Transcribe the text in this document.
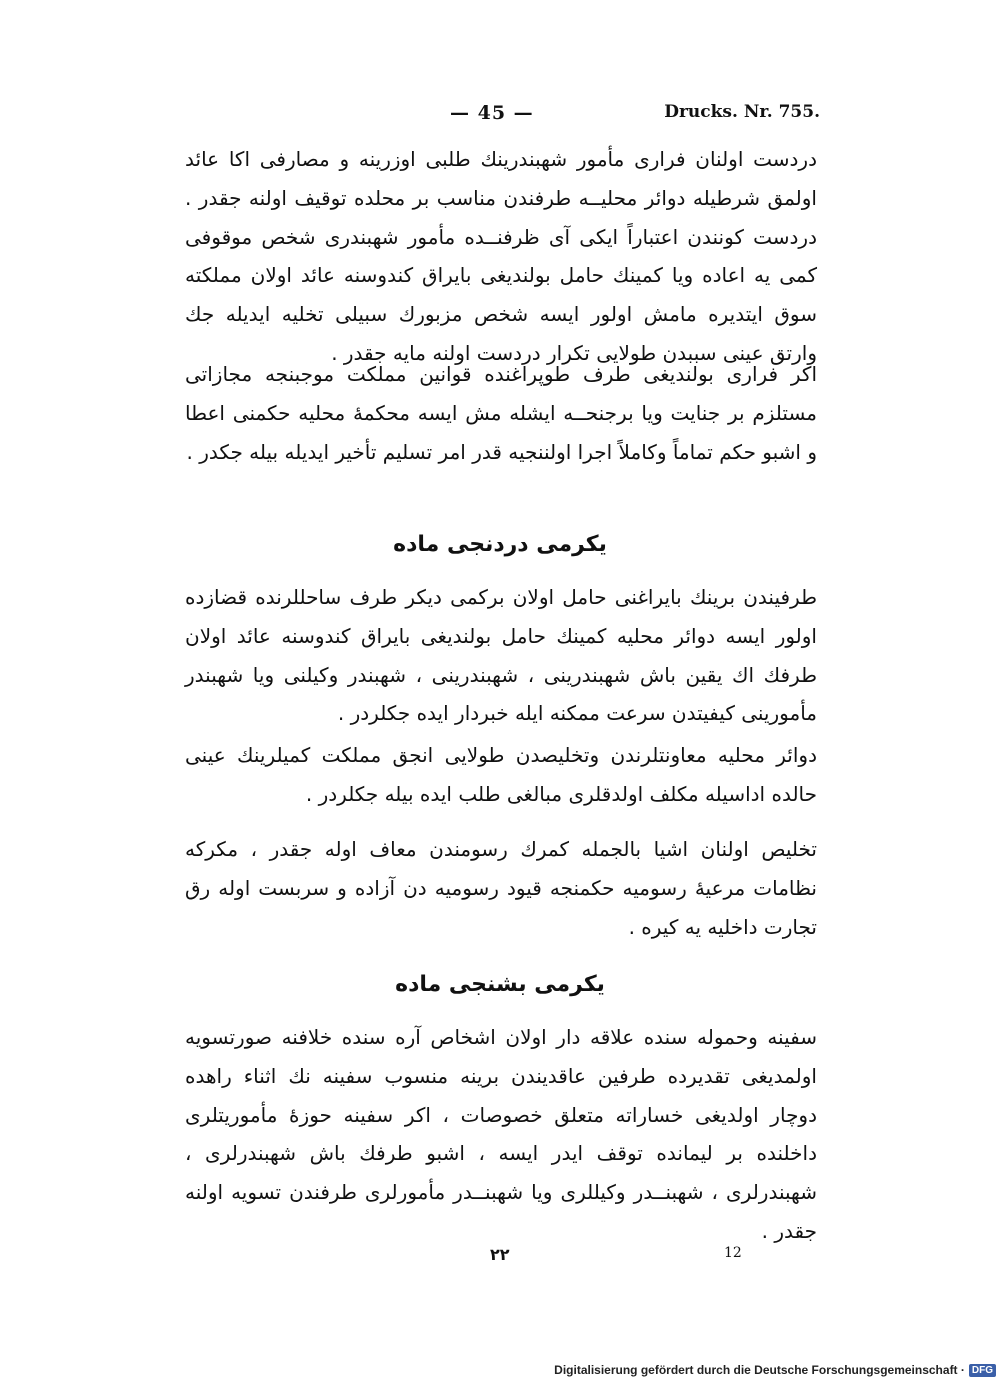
— 45 —	Drucks. Nr. 755.

دردست اولنان فراری مأمور شهبندرینك طلبی اوزرینه و مصارفی اکا عائد اولمق شرطیله دوائر محلیــه طرفندن مناسب بر محلده توقیف اولنه جقدر . دردست کونندن اعتباراً ایکی آی ظرفنــده مأمور شهبندری شخص موقوفی کمی یه اعاده ویا کمینك حامل بولندیغی بایراق کندوسنه عائد اولان مملکته سوق ایتدیره مامش اولور ایسه شخص مزبورك سبیلی تخلیه ایدیله جك وارتق عینی سببدن طولایی تکرار دردست اولنه مایه جقدر .

اکر فراری بولندیغی طرف طوپراغنده قوانین مملکت موجبنجه مجازاتی مستلزم بر جنایت ویا برجنحــه ایشله مش ایسه محکمهٔ محلیه حکمنی اعطا و اشبو حکم تماماً وکاملاً اجرا اولننجیه قدر امر تسلیم تأخیر ایدیله بیله جکدر .

یکرمی دردنجی ماده

طرفیندن برینك بایراغنی حامل اولان برکمی دیکر طرف ساحللرنده قضازده اولور ایسه دوائر محلیه کمینك حامل بولندیغی بایراق کندوسنه عائد اولان طرفك اك یقین باش شهبندرینی ، شهبندرینی ، شهبندر وکیلنی ویا شهبندر مأمورینی کیفیتدن سرعت ممکنه ایله خبردار ایده جکلردر .

دوائر محلیه معاونتلرندن وتخلیصدن طولایی انجق مملکت کمیلرینك عینی حالده اداسیله مکلف اولدقلری مبالغی طلب ایده بیله جکلردر .

تخلیص اولنان اشیا بالجمله کمرك رسومندن معاف اوله جقدر ، مکرکه نظامات مرعیهٔ رسومیه حکمنجه قیود رسومیه دن آزاده و سربست اوله رق تجارت داخلیه یه کیره .

یکرمی بشنجی ماده

سفینه وحموله سنده علاقه دار اولان اشخاص آره سنده خلافنه صورتسویه اولمدیغی تقدیرده طرفین عاقدیندن برینه منسوب سفینه نك اثناء راهده دوچار اولدیغی خساراته متعلق خصوصات ، اکر سفینه حوزهٔ مأموریتلری داخلنده بر لیمانده توقف ایدر ایسه ، اشبو طرفك باش شهبندرلری ، شهبندرلری ، شهبنــدر وکیللری ویا شهبنــدر مأمورلری طرفندن تسویه اولنه جقدر .

۲۲	12
Digitalisierung gefördert durch die Deutsche Forschungsgemeinschaft · DFG
